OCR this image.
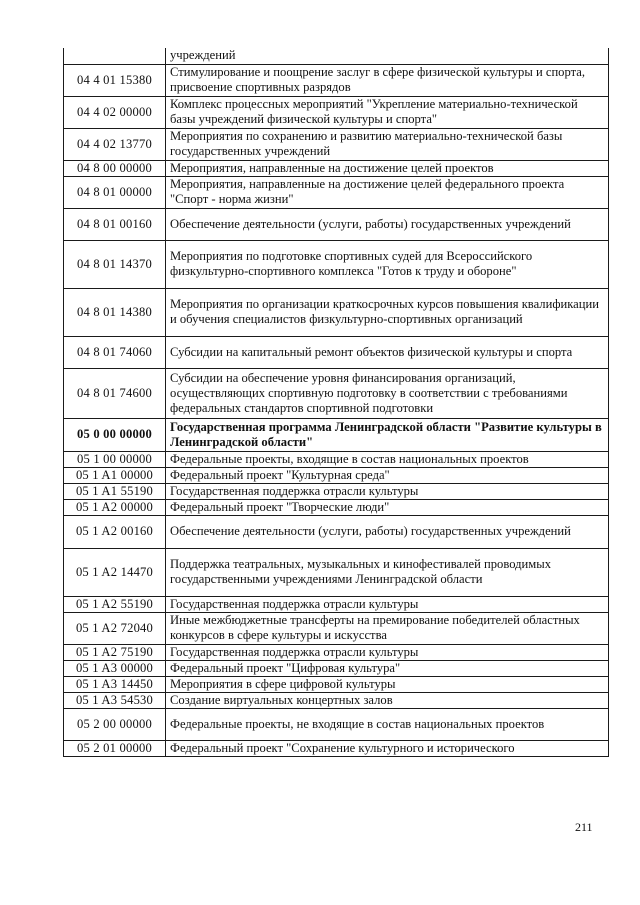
	учреждений
04 4 01 15380	Стимулирование и поощрение заслуг в сфере физической культуры и спорта, присвоение спортивных разрядов
04 4 02 00000	Комплекс процессных мероприятий "Укрепление материально-технической базы учреждений физической культуры и спорта"
04 4 02 13770	Мероприятия по сохранению и развитию материально-технической базы государственных учреждений
04 8 00 00000	Мероприятия, направленные на достижение целей проектов
04 8 01 00000	Мероприятия, направленные на достижение целей федерального проекта "Спорт - норма жизни"
04 8 01 00160	Обеспечение деятельности (услуги, работы) государственных учреждений
04 8 01 14370	Мероприятия по подготовке спортивных судей для Всероссийского физкультурно-спортивного комплекса "Готов к труду и обороне"
04 8 01 14380	Мероприятия по организации краткосрочных курсов повышения квалификации и обучения специалистов физкультурно-спортивных организаций
04 8 01 74060	Субсидии на капитальный ремонт объектов физической культуры и спорта
04 8 01 74600	Субсидии на обеспечение уровня финансирования организаций, осуществляющих спортивную подготовку в соответствии с требованиями федеральных стандартов спортивной подготовки
05 0 00 00000	Государственная программа Ленинградской области "Развитие культуры в Ленинградской области"
05 1 00 00000	Федеральные проекты, входящие в состав национальных проектов
05 1 A1 00000	Федеральный проект "Культурная среда"
05 1 A1 55190	Государственная поддержка отрасли культуры
05 1 A2 00000	Федеральный проект "Творческие люди"
05 1 A2 00160	Обеспечение деятельности (услуги, работы) государственных учреждений
05 1 A2 14470	Поддержка театральных, музыкальных и кинофестивалей проводимых государственными учреждениями Ленинградской области
05 1 A2 55190	Государственная поддержка отрасли культуры
05 1 A2 72040	Иные межбюджетные трансферты на премирование победителей областных конкурсов в сфере культуры и искусства
05 1 A2 75190	Государственная поддержка отрасли культуры
05 1 A3 00000	Федеральный проект "Цифровая культура"
05 1 A3 14450	Мероприятия в сфере цифровой культуры
05 1 A3 54530	Создание виртуальных концертных залов
05 2 00 00000	Федеральные проекты, не входящие в состав национальных проектов
05 2 01 00000	Федеральный проект "Сохранение культурного и исторического
211
